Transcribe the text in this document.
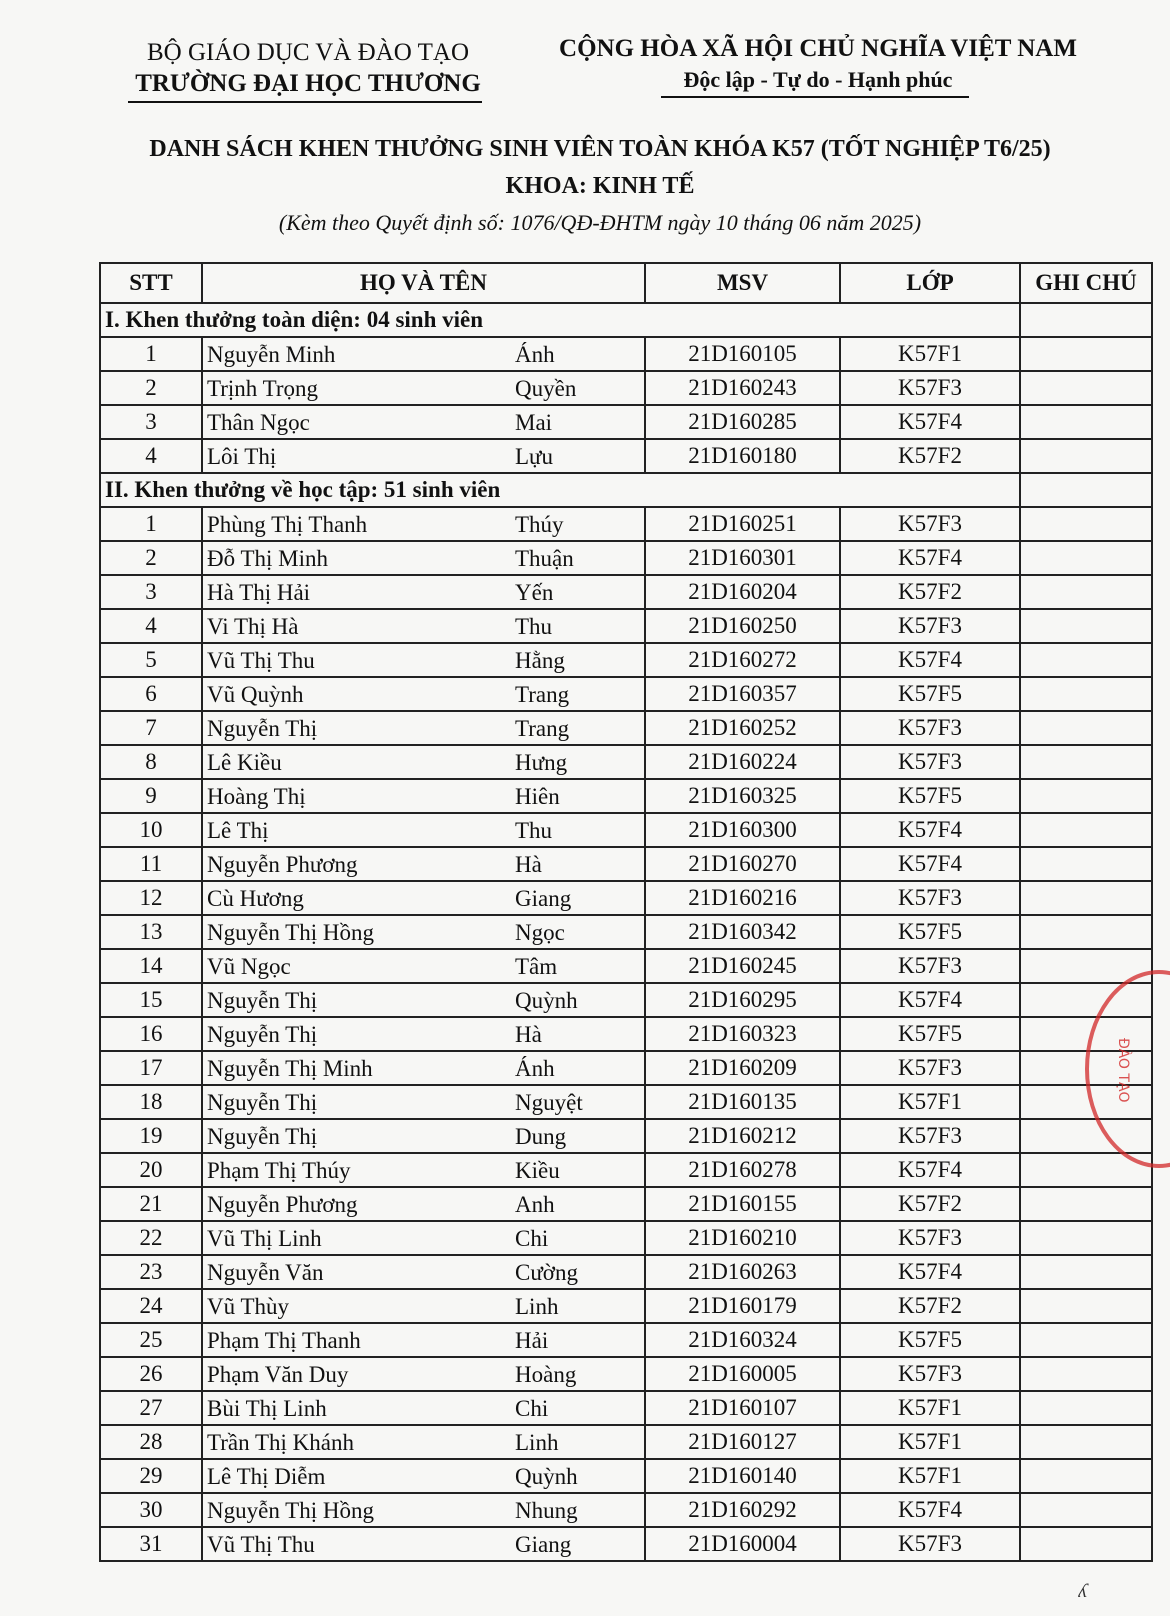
BỘ GIÁO DỤC VÀ ĐÀO TẠO
TRƯỜNG ĐẠI HỌC THƯƠNG
CỘNG HÒA XÃ HỘI CHỦ NGHĨA VIỆT NAM
Độc lập - Tự do - Hạnh phúc
DANH SÁCH KHEN THƯỞNG SINH VIÊN TOÀN KHÓA K57 (TỐT NGHIỆP T6/25)
KHOA: KINH TẾ
(Kèm theo Quyết định số: 1076/QĐ-ĐHTM ngày 10 tháng 06 năm 2025)
STT	HỌ VÀ TÊN	MSV	LỚP	GHI CHÚ
I. Khen thưởng toàn diện: 04 sinh viên				
1	Nguyễn Minh Ánh	21D160105	K57F1	
2	Trịnh Trọng Quyền	21D160243	K57F3	
3	Thân Ngọc Mai	21D160285	K57F4	
4	Lôi Thị Lựu	21D160180	K57F2	
II. Khen thưởng về học tập: 51 sinh viên				
1	Phùng Thị Thanh Thúy	21D160251	K57F3	
2	Đỗ Thị Minh Thuận	21D160301	K57F4	
3	Hà Thị Hải Yến	21D160204	K57F2	
4	Vi Thị Hà Thu	21D160250	K57F3	
5	Vũ Thị Thu Hằng	21D160272	K57F4	
6	Vũ Quỳnh Trang	21D160357	K57F5	
7	Nguyễn Thị Trang	21D160252	K57F3	
8	Lê Kiều Hưng	21D160224	K57F3	
9	Hoàng Thị Hiên	21D160325	K57F5	
10	Lê Thị Thu	21D160300	K57F4	
11	Nguyễn Phương Hà	21D160270	K57F4	
12	Cù Hương Giang	21D160216	K57F3	
13	Nguyễn Thị Hồng Ngọc	21D160342	K57F5	
14	Vũ Ngọc Tâm	21D160245	K57F3	
15	Nguyễn Thị Quỳnh	21D160295	K57F4	
16	Nguyễn Thị Hà	21D160323	K57F5	
17	Nguyễn Thị Minh Ánh	21D160209	K57F3	
18	Nguyễn Thị Nguyệt	21D160135	K57F1	
19	Nguyễn Thị Dung	21D160212	K57F3	
20	Phạm Thị Thúy Kiều	21D160278	K57F4	
21	Nguyễn Phương Anh	21D160155	K57F2	
22	Vũ Thị Linh Chi	21D160210	K57F3	
23	Nguyễn Văn Cường	21D160263	K57F4	
24	Vũ Thùy Linh	21D160179	K57F2	
25	Phạm Thị Thanh Hải	21D160324	K57F5	
26	Phạm Văn Duy Hoàng	21D160005	K57F3	
27	Bùi Thị Linh Chi	21D160107	K57F1	
28	Trần Thị Khánh Linh	21D160127	K57F1	
29	Lê Thị Diễm Quỳnh	21D160140	K57F1	
30	Nguyễn Thị Hồng Nhung	21D160292	K57F4	
31	Vũ Thị Thu Giang	21D160004	K57F3	
ĐÀO TẠO
ʎ
